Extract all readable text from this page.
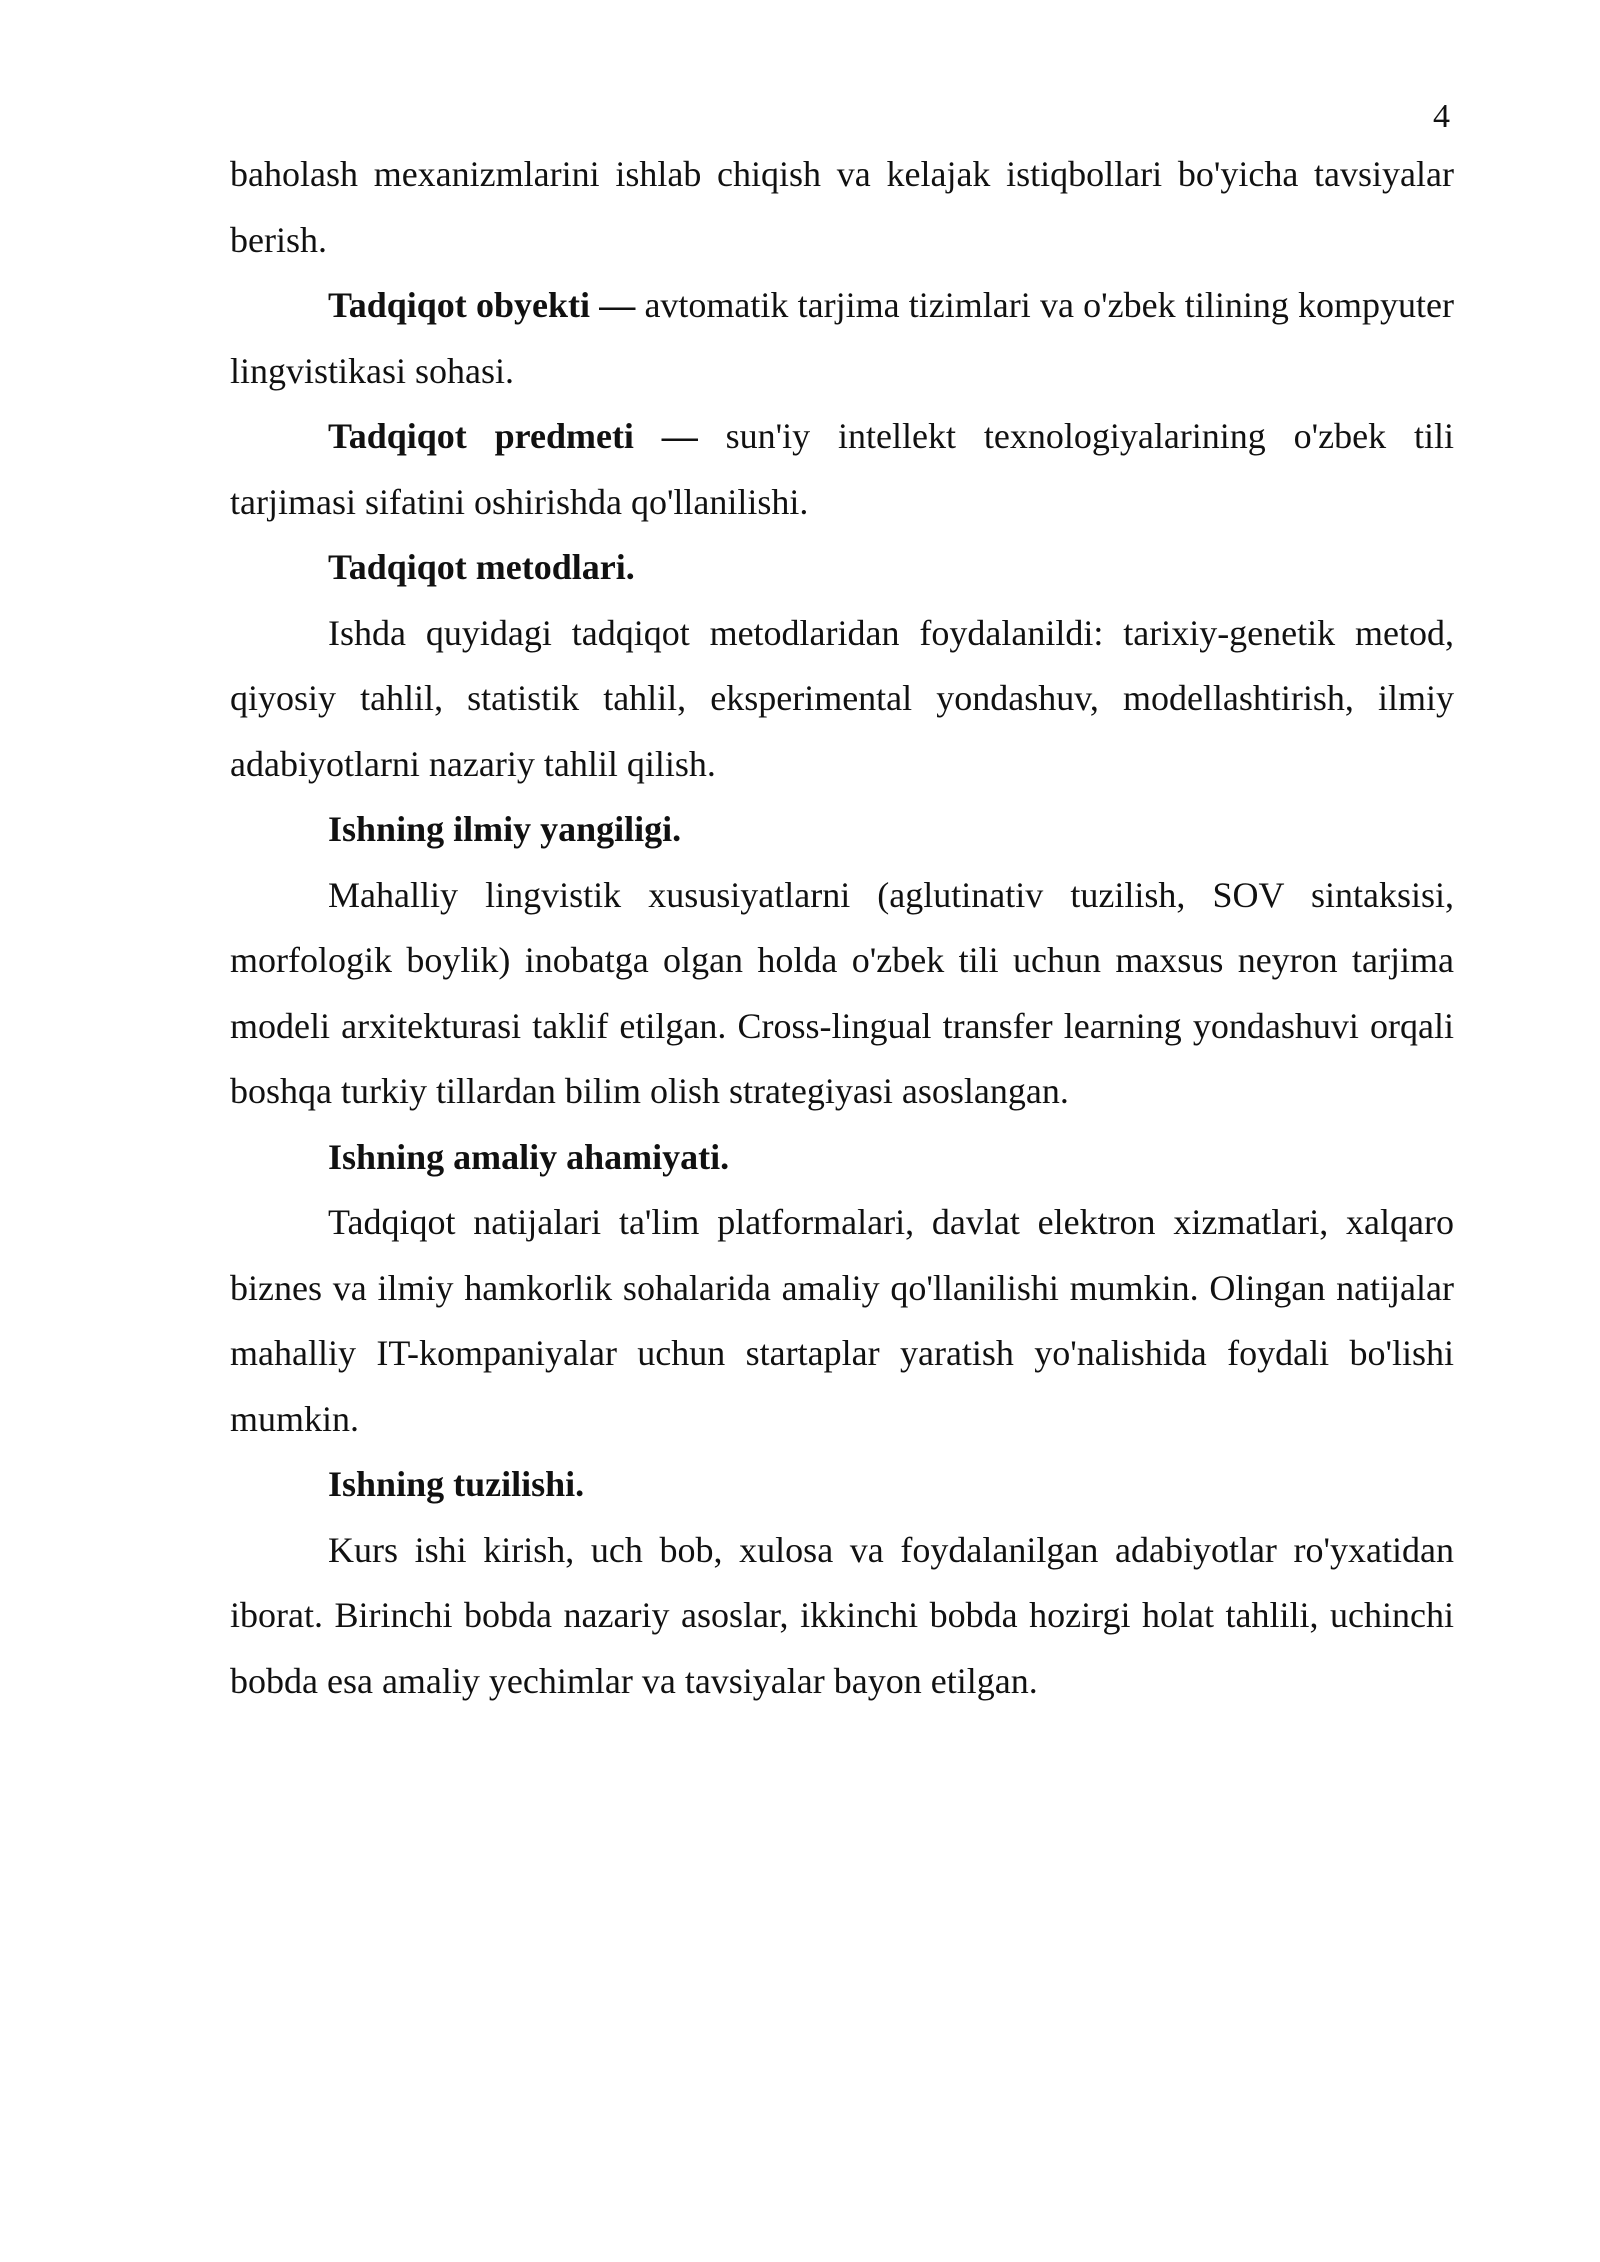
4

baholash mexanizmlarini ishlab chiqish va kelajak istiqbollari bo'yicha tavsiyalar berish.

Tadqiqot obyekti — avtomatik tarjima tizimlari va o'zbek tilining kompyuter lingvistikasi sohasi.

Tadqiqot predmeti — sun'iy intellekt texnologiyalarining o'zbek tili tarjimasi sifatini oshirishda qo'llanilishi.

Tadqiqot metodlari.

Ishda quyidagi tadqiqot metodlaridan foydalanildi: tarixiy-genetik metod, qiyosiy tahlil, statistik tahlil, eksperimental yondashuv, modellashtirish, ilmiy adabiyotlarni nazariy tahlil qilish.

Ishning ilmiy yangiligi.

Mahalliy lingvistik xususiyatlarni (aglutinativ tuzilish, SOV sintaksisi, morfologik boylik) inobatga olgan holda o'zbek tili uchun maxsus neyron tarjima modeli arxitekturasi taklif etilgan. Cross-lingual transfer learning yondashuvi orqali boshqa turkiy tillardan bilim olish strategiyasi asoslangan.

Ishning amaliy ahamiyati.

Tadqiqot natijalari ta'lim platformalari, davlat elektron xizmatlari, xalqaro biznes va ilmiy hamkorlik sohalarida amaliy qo'llanilishi mumkin. Olingan natijalar mahalliy IT-kompaniyalar uchun startaplar yaratish yo'nalishida foydali bo'lishi mumkin.

Ishning tuzilishi.

Kurs ishi kirish, uch bob, xulosa va foydalanilgan adabiyotlar ro'yxatidan iborat. Birinchi bobda nazariy asoslar, ikkinchi bobda hozirgi holat tahlili, uchinchi bobda esa amaliy yechimlar va tavsiyalar bayon etilgan.
